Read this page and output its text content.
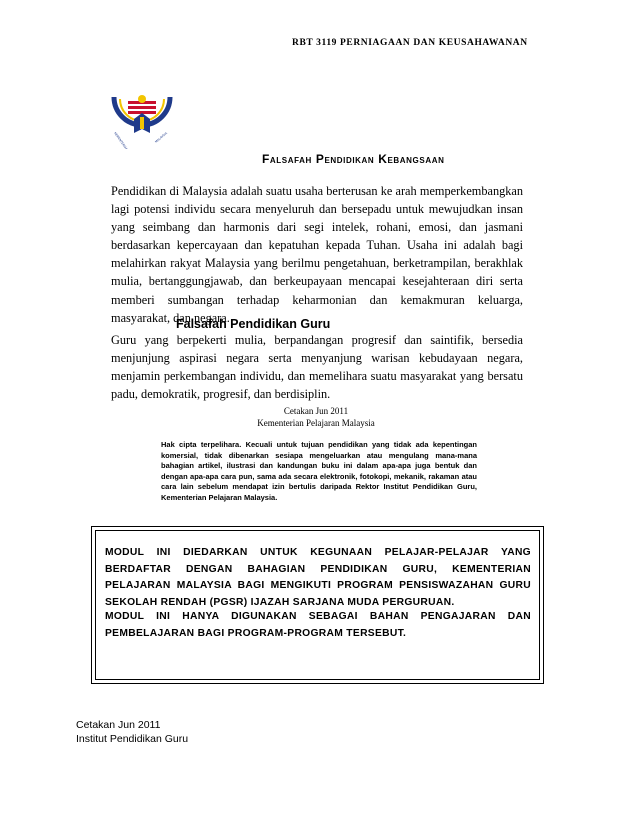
RBT 3119 PERNIAGAAN DAN KEUSAHAWANAN
KEMENTERIAN	MALAYSIA
Falsafah Pendidikan Kebangsaan
Pendidikan di Malaysia adalah suatu usaha berterusan ke arah memperkembangkan lagi potensi individu secara menyeluruh dan bersepadu untuk mewujudkan insan yang seimbang dan harmonis dari segi intelek, rohani, emosi, dan jasmani berdasarkan kepercayaan dan kepatuhan kepada Tuhan. Usaha ini adalah bagi melahirkan rakyat Malaysia yang berilmu pengetahuan, berketrampilan, berakhlak mulia, bertanggungjawab, dan berkeupayaan mencapai kesejahteraan diri serta memberi sumbangan terhadap keharmonian dan kemakmuran keluarga, masyarakat, dan negara.
Falsafah Pendidikan Guru
Guru yang berpekerti mulia, berpandangan progresif dan saintifik, bersedia menjunjung aspirasi negara serta menyanjung warisan kebudayaan negara, menjamin perkembangan individu, dan memelihara suatu masyarakat yang bersatu padu, demokratik, progresif, dan berdisiplin.
Cetakan Jun 2011
Kementerian Pelajaran Malaysia
Hak cipta terpelihara. Kecuali untuk tujuan pendidikan yang tidak ada kepentingan komersial, tidak dibenarkan sesiapa mengeluarkan atau mengulang mana-mana bahagian artikel, ilustrasi dan kandungan buku ini dalam apa-apa juga bentuk dan dengan apa-apa cara pun, sama ada secara elektronik, fotokopi, mekanik, rakaman atau cara lain sebelum mendapat izin bertulis daripada Rektor Institut Pendidikan Guru, Kementerian Pelajaran Malaysia.
MODUL INI DIEDARKAN UNTUK KEGUNAAN PELAJAR-PELAJAR YANG BERDAFTAR DENGAN BAHAGIAN PENDIDIKAN GURU, KEMENTERIAN PELAJARAN MALAYSIA BAGI MENGIKUTI PROGRAM PENSISWAZAHAN GURU SEKOLAH RENDAH (PGSR) IJAZAH SARJANA MUDA PERGURUAN.
MODUL INI HANYA DIGUNAKAN SEBAGAI BAHAN PENGAJARAN DAN PEMBELAJARAN BAGI PROGRAM-PROGRAM TERSEBUT.
Cetakan Jun 2011
Institut Pendidikan Guru
